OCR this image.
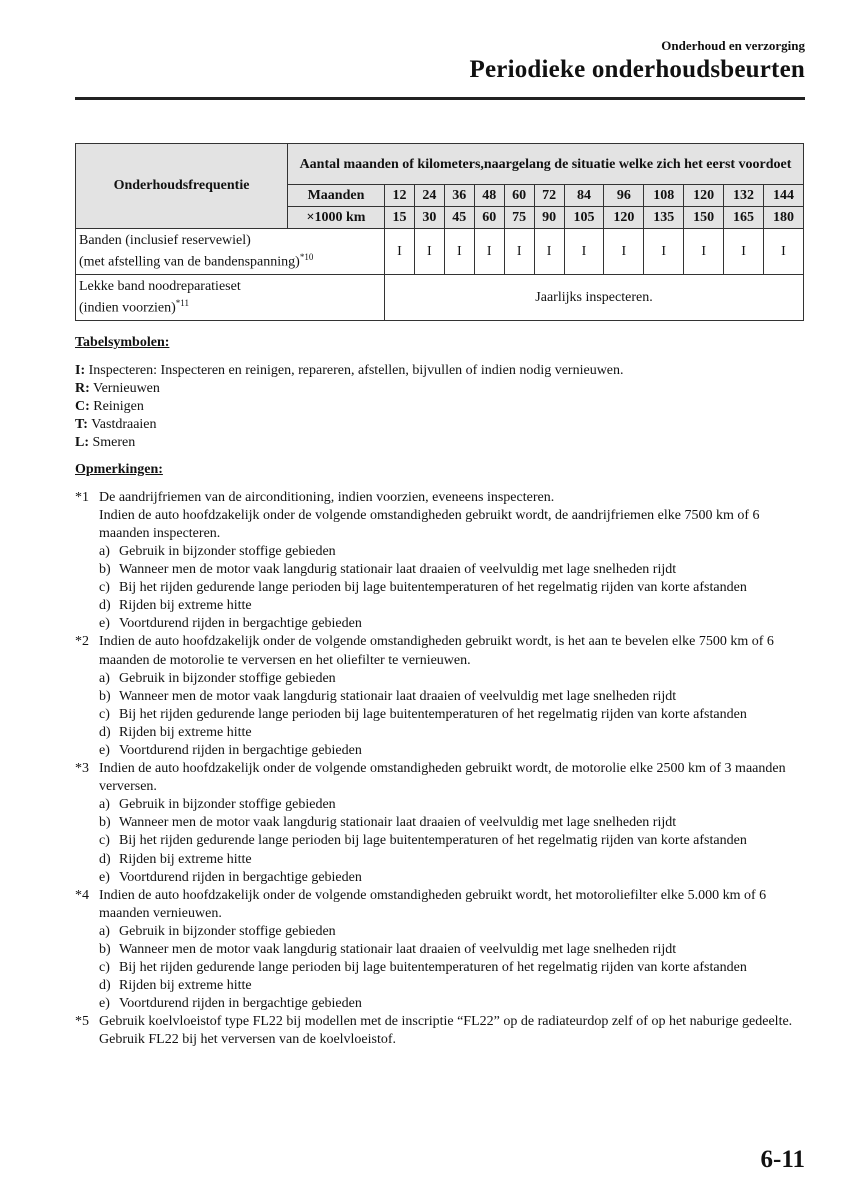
Onderhoud en verzorging
Periodieke onderhoudsbeurten
Onderhoudsfrequentie	Aantal maanden of kilometers,naargelang de situatie welke zich het eerst voordoet												
	Maanden	12	24	36	48	60	72	84	96	108	120	132	144
	×1000 km	15	30	45	60	75	90	105	120	135	150	165	180
Banden (inclusief reservewiel)
(met afstelling van de bandenspanning)$^{*10}$		I	I	I	I	I	I	I	I	I	I	I	I
Lekke band noodreparatieset
(indien voorzien)$^{*11}$		Jaarlijks inspecteren.											
Tabelsymbolen:
I: Inspecteren: Inspecteren en reinigen, repareren, afstellen, bijvullen of indien nodig vernieuwen.
R: Vernieuwen
C: Reinigen
T: Vastdraaien
L: Smeren
Opmerkingen:
*1 De aandrijfriemen van de airconditioning, indien voorzien, eveneens inspecteren.
Indien de auto hoofdzakelijk onder de volgende omstandigheden gebruikt wordt, de aandrijfriemen elke 7500 km of 6 maanden inspecteren.
a) Gebruik in bijzonder stoffige gebieden
b) Wanneer men de motor vaak langdurig stationair laat draaien of veelvuldig met lage snelheden rijdt
c) Bij het rijden gedurende lange perioden bij lage buitentemperaturen of het regelmatig rijden van korte afstanden
d) Rijden bij extreme hitte
e) Voortdurend rijden in bergachtige gebieden
*2 Indien de auto hoofdzakelijk onder de volgende omstandigheden gebruikt wordt, is het aan te bevelen elke 7500 km of 6 maanden de motorolie te verversen en het oliefilter te vernieuwen.
a) Gebruik in bijzonder stoffige gebieden
b) Wanneer men de motor vaak langdurig stationair laat draaien of veelvuldig met lage snelheden rijdt
c) Bij het rijden gedurende lange perioden bij lage buitentemperaturen of het regelmatig rijden van korte afstanden
d) Rijden bij extreme hitte
e) Voortdurend rijden in bergachtige gebieden
*3 Indien de auto hoofdzakelijk onder de volgende omstandigheden gebruikt wordt, de motorolie elke 2500 km of 3 maanden verversen.
a) Gebruik in bijzonder stoffige gebieden
b) Wanneer men de motor vaak langdurig stationair laat draaien of veelvuldig met lage snelheden rijdt
c) Bij het rijden gedurende lange perioden bij lage buitentemperaturen of het regelmatig rijden van korte afstanden
d) Rijden bij extreme hitte
e) Voortdurend rijden in bergachtige gebieden
*4 Indien de auto hoofdzakelijk onder de volgende omstandigheden gebruikt wordt, het motoroliefilter elke 5.000 km of 6 maanden vernieuwen.
a) Gebruik in bijzonder stoffige gebieden
b) Wanneer men de motor vaak langdurig stationair laat draaien of veelvuldig met lage snelheden rijdt
c) Bij het rijden gedurende lange perioden bij lage buitentemperaturen of het regelmatig rijden van korte afstanden
d) Rijden bij extreme hitte
e) Voortdurend rijden in bergachtige gebieden
*5 Gebruik koelvloeistof type FL22 bij modellen met de inscriptie “FL22” op de radiateurdop zelf of op het naburige gedeelte. Gebruik FL22 bij het verversen van de koelvloeistof.
6-11
